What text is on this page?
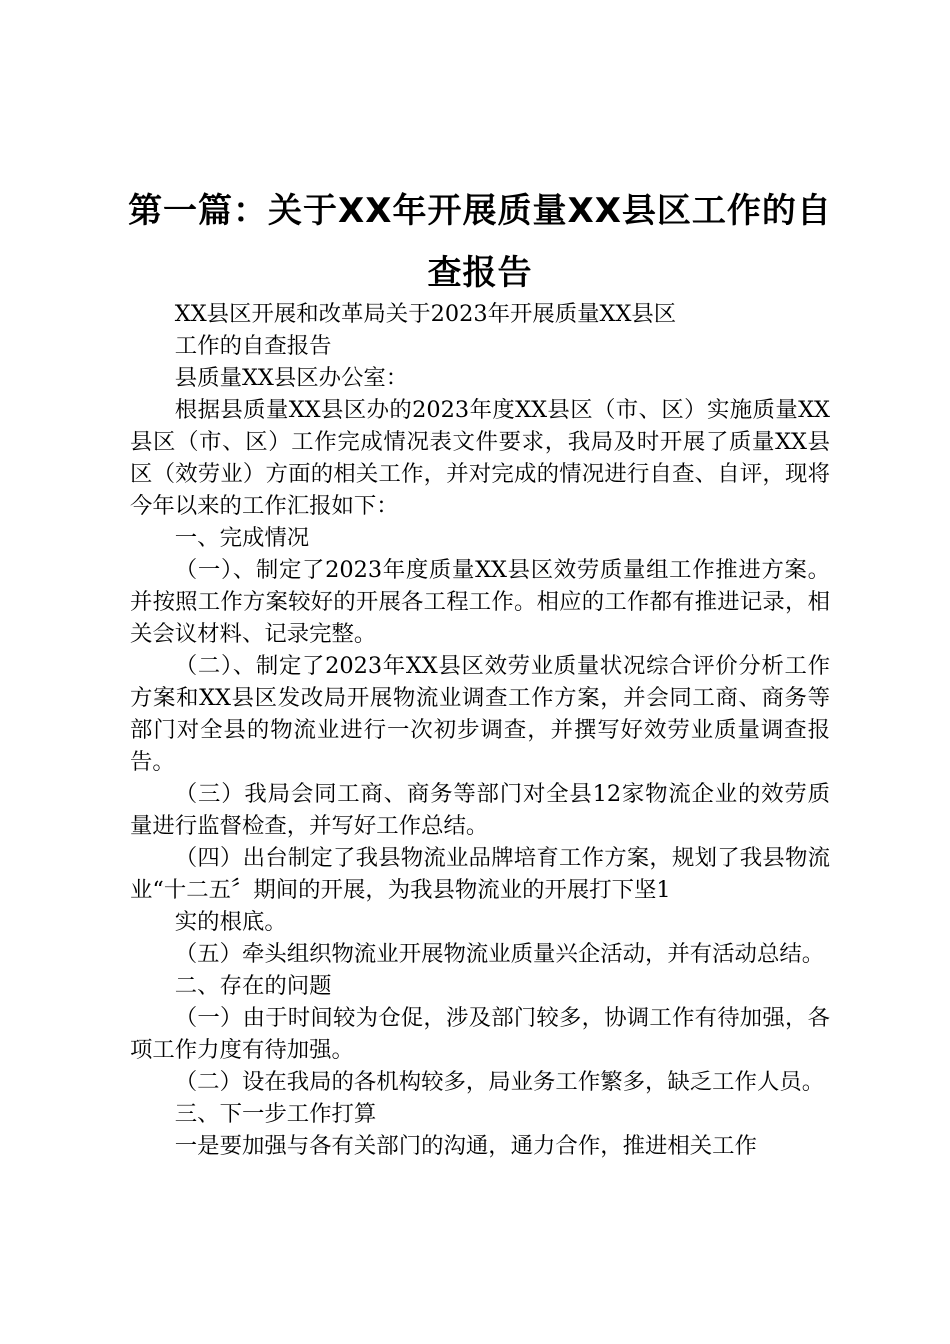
第一篇：关于XX年开展质量XX县区工作的自查报告

XX县区开展和改革局关于2023年开展质量XX县区

工作的自查报告

县质量XX县区办公室：

根据县质量XX县区办的2023年度XX县区（市、区）实施质量XX县区（市、区）工作完成情况表文件要求，我局及时开展了质量XX县区（效劳业）方面的相关工作，并对完成的情况进行自查、自评，现将今年以来的工作汇报如下：

一、完成情况

（一）、制定了2023年度质量XX县区效劳质量组工作推进方案。并按照工作方案较好的开展各工程工作。相应的工作都有推进记录，相关会议材料、记录完整。

（二）、制定了2023年XX县区效劳业质量状况综合评价分析工作方案和XX县区发改局开展物流业调查工作方案，并会同工商、商务等部门对全县的物流业进行一次初步调查，并撰写好效劳业质量调查报告。

（三）我局会同工商、商务等部门对全县12家物流企业的效劳质量进行监督检查，并写好工作总结。

（四）出台制定了我县物流业品牌培育工作方案，规划了我县物流业“十二五〞期间的开展，为我县物流业的开展打下坚1

实的根底。

（五）牵头组织物流业开展物流业质量兴企活动，并有活动总结。

二、存在的问题

（一）由于时间较为仓促，涉及部门较多，协调工作有待加强，各项工作力度有待加强。

（二）设在我局的各机构较多，局业务工作繁多，缺乏工作人员。

三、下一步工作打算

一是要加强与各有关部门的沟通，通力合作，推进相关工作
